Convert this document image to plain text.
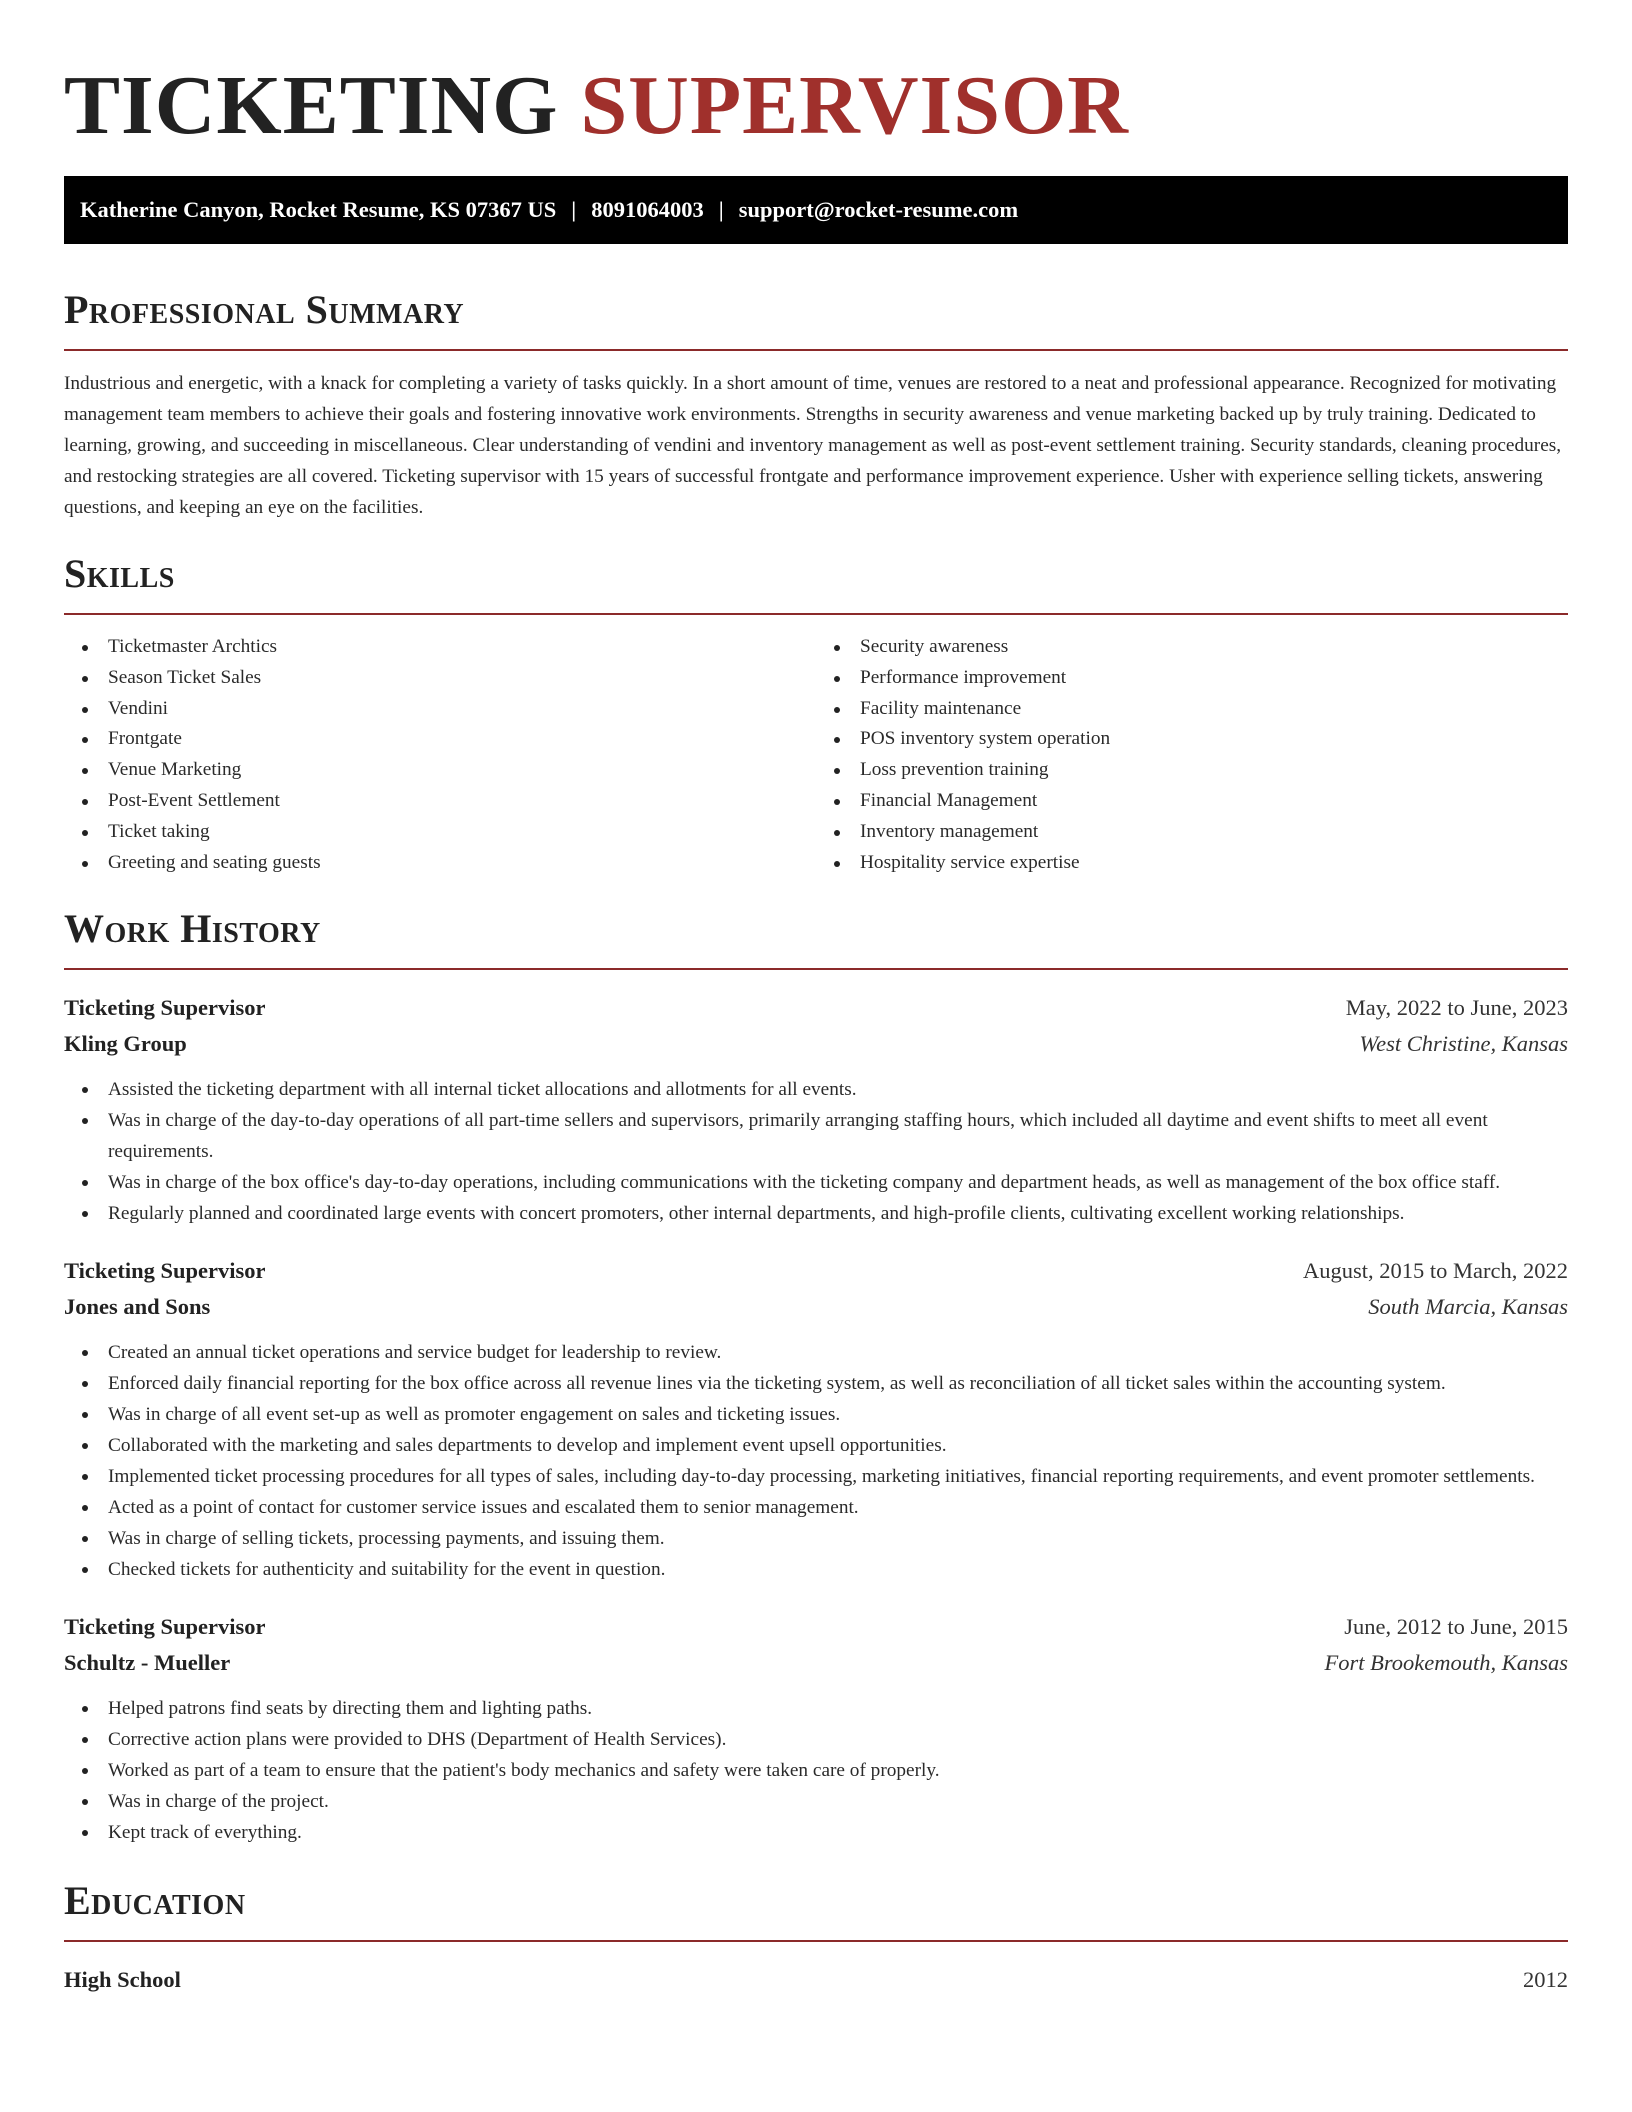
TICKETING SUPERVISOR
Katherine Canyon, Rocket Resume, KS 07367 US | 8091064003 | support@rocket-resume.com
Professional Summary

Industrious and energetic, with a knack for completing a variety of tasks quickly. In a short amount of time, venues are restored to a neat and professional appearance. Recognized for motivating management team members to achieve their goals and fostering innovative work environments. Strengths in security awareness and venue marketing backed up by truly training. Dedicated to learning, growing, and succeeding in miscellaneous. Clear understanding of vendini and inventory management as well as post-event settlement training. Security standards, cleaning procedures, and restocking strategies are all covered. Ticketing supervisor with 15 years of successful frontgate and performance improvement experience. Usher with experience selling tickets, answering questions, and keeping an eye on the facilities.

Skills
Ticketmaster Archtics
Season Ticket Sales
Vendini
Frontgate
Venue Marketing
Post-Event Settlement
Ticket taking
Greeting and seating guests
Security awareness
Performance improvement
Facility maintenance
POS inventory system operation
Loss prevention training
Financial Management
Inventory management
Hospitality service expertise
Work History
Ticketing Supervisor	May, 2022 to June, 2023
Kling Group	West Christine, Kansas
Assisted the ticketing department with all internal ticket allocations and allotments for all events.
Was in charge of the day-to-day operations of all part-time sellers and supervisors, primarily arranging staffing hours, which included all daytime and event shifts to meet all event requirements.
Was in charge of the box office's day-to-day operations, including communications with the ticketing company and department heads, as well as management of the box office staff.
Regularly planned and coordinated large events with concert promoters, other internal departments, and high-profile clients, cultivating excellent working relationships.
Ticketing Supervisor	August, 2015 to March, 2022
Jones and Sons	South Marcia, Kansas
Created an annual ticket operations and service budget for leadership to review.
Enforced daily financial reporting for the box office across all revenue lines via the ticketing system, as well as reconciliation of all ticket sales within the accounting system.
Was in charge of all event set-up as well as promoter engagement on sales and ticketing issues.
Collaborated with the marketing and sales departments to develop and implement event upsell opportunities.
Implemented ticket processing procedures for all types of sales, including day-to-day processing, marketing initiatives, financial reporting requirements, and event promoter settlements.
Acted as a point of contact for customer service issues and escalated them to senior management.
Was in charge of selling tickets, processing payments, and issuing them.
Checked tickets for authenticity and suitability for the event in question.
Ticketing Supervisor	June, 2012 to June, 2015
Schultz - Mueller	Fort Brookemouth, Kansas
Helped patrons find seats by directing them and lighting paths.
Corrective action plans were provided to DHS (Department of Health Services).
Worked as part of a team to ensure that the patient's body mechanics and safety were taken care of properly.
Was in charge of the project.
Kept track of everything.
Education
High School	2012
